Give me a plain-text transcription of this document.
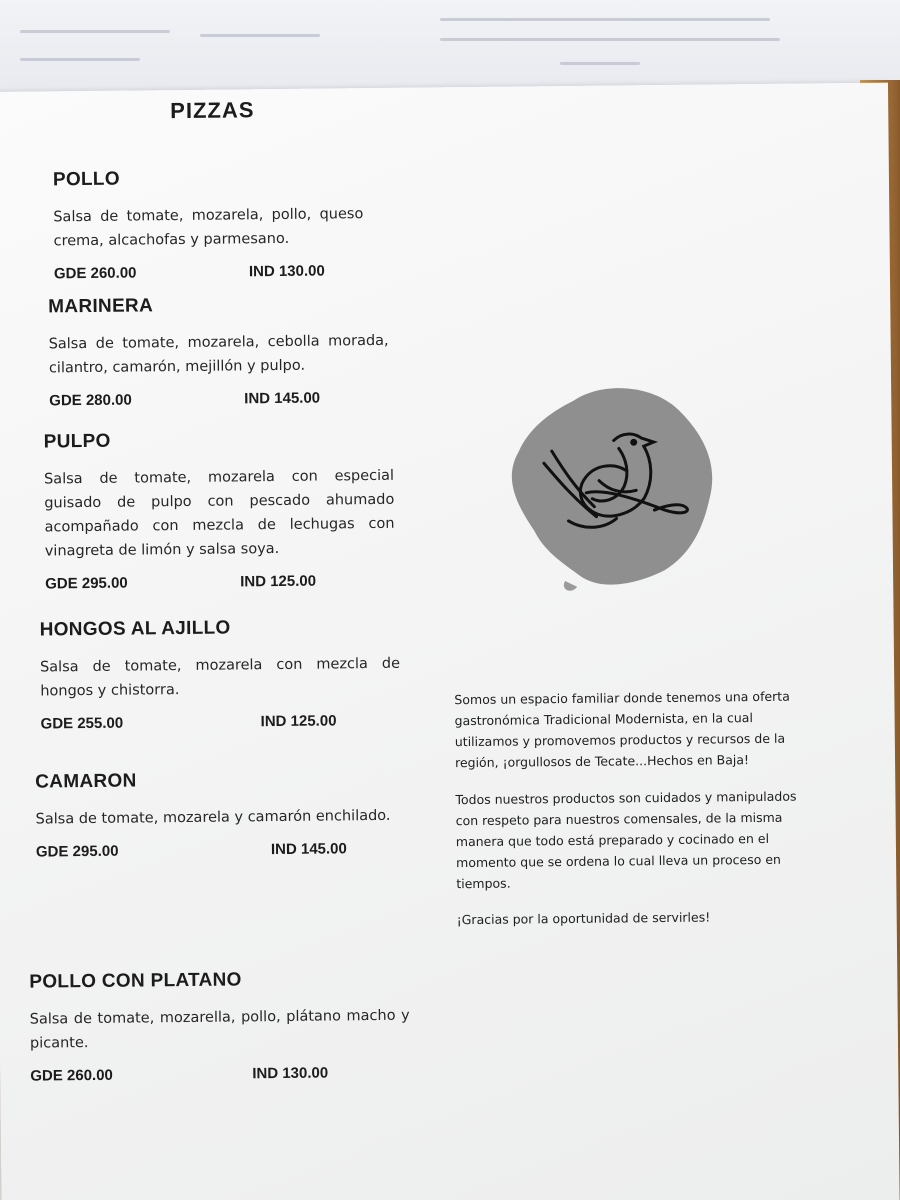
PIZZAS
POLLO
Salsa de tomate, mozarela, pollo, queso crema, alcachofas y parmesano.
GDE 260.00	IND 130.00
MARINERA
Salsa de tomate, mozarela, cebolla morada, cilantro, camarón, mejillón y pulpo.
GDE 280.00	IND 145.00
PULPO
Salsa de tomate, mozarela con especial guisado de pulpo con pescado ahumado acompañado con mezcla de lechugas con vinagreta de limón y salsa soya.
GDE 295.00	IND 125.00
HONGOS AL AJILLO
Salsa de tomate, mozarela con mezcla de hongos y chistorra.
GDE 255.00	IND 125.00
CAMARON
Salsa de tomate, mozarela y camarón enchilado.
GDE 295.00	IND 145.00
POLLO CON PLATANO
Salsa de tomate, mozarella, pollo, plátano macho y picante.
GDE 260.00	IND 130.00
Somos un espacio familiar donde tenemos una oferta gastronómica Tradicional Modernista, en la cual utilizamos y promovemos productos y recursos de la región, ¡orgullosos de Tecate...Hechos en Baja!
Todos nuestros productos son cuidados y manipulados con respeto para nuestros comensales, de la misma manera que todo está preparado y cocinado en el momento que se ordena lo cual lleva un proceso en tiempos.
¡Gracias por la oportunidad de servirles!
